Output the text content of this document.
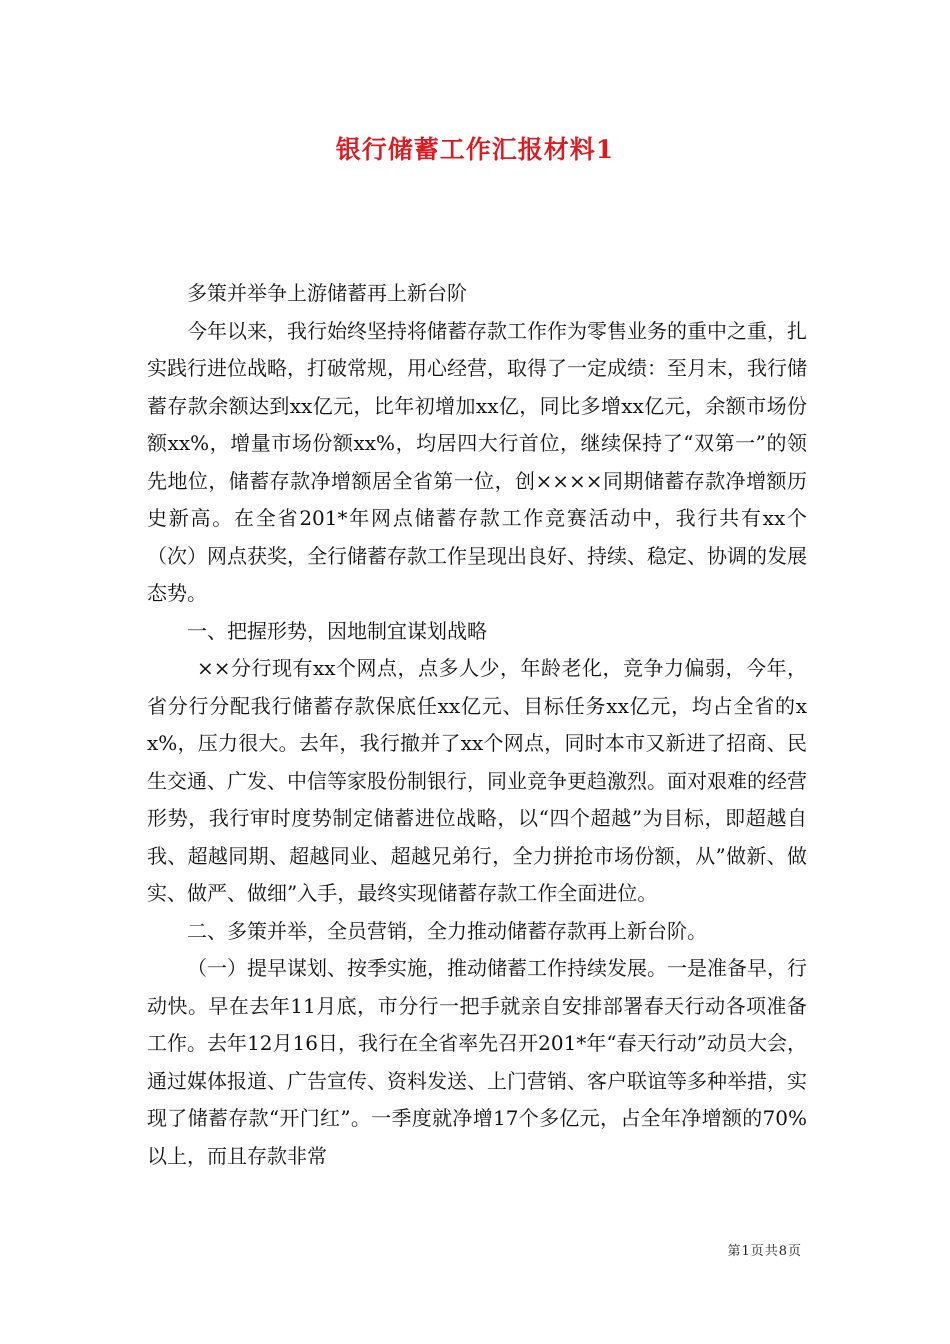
银行储蓄工作汇报材料1

多策并举争上游储蓄再上新台阶

今年以来，我行始终坚持将储蓄存款工作作为零售业务的重中之重，扎实践行进位战略，打破常规，用心经营，取得了一定成绩：至月末，我行储蓄存款余额达到xx亿元，比年初增加xx亿，同比多增xx亿元，余额市场份额xx%，增量市场份额xx%，均居四大行首位，继续保持了“双第一”的领先地位，储蓄存款净增额居全省第一位，创××××同期储蓄存款净增额历史新高。在全省201*年网点储蓄存款工作竞赛活动中，我行共有xx个（次）网点获奖，全行储蓄存款工作呈现出良好、持续、稳定、协调的发展态势。

一、把握形势，因地制宜谋划战略

××分行现有xx个网点，点多人少，年龄老化，竞争力偏弱，今年，省分行分配我行储蓄存款保底任xx亿元、目标任务xx亿元，均占全省的xx%，压力很大。去年，我行撤并了xx个网点，同时本市又新进了招商、民生交通、广发、中信等家股份制银行，同业竞争更趋激烈。面对艰难的经营形势，我行审时度势制定储蓄进位战略，以“四个超越”为目标，即超越自我、超越同期、超越同业、超越兄弟行，全力拼抢市场份额，从”做新、做实、做严、做细”入手，最终实现储蓄存款工作全面进位。

二、多策并举，全员营销，全力推动储蓄存款再上新台阶。

（一）提早谋划、按季实施，推动储蓄工作持续发展。一是准备早，行动快。早在去年11月底，市分行一把手就亲自安排部署春天行动各项准备工作。去年12月16日，我行在全省率先召开201*年“春天行动”动员大会，通过媒体报道、广告宣传、资料发送、上门营销、客户联谊等多种举措，实现了储蓄存款“开门红”。一季度就净增17个多亿元，占全年净增额的70%以上，而且存款非常

第1页共8页
